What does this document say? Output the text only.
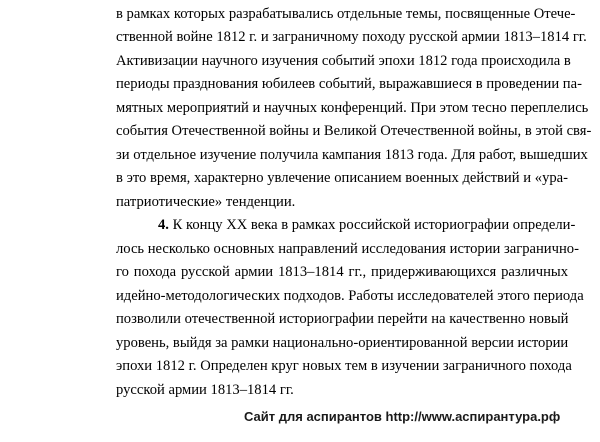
в рамках которых разрабатывались отдельные темы, посвященные Отече-
ственной войне 1812 г. и заграничному походу русской армии 1813–1814 гг.
Активизации научного изучения событий эпохи 1812 года происходила в
периоды празднования юбилеев событий, выражавшиеся в проведении па-
мятных мероприятий и научных конференций. При этом тесно переплелись
события Отечественной войны и Великой Отечественной войны, в этой свя-
зи отдельное изучение получила кампания 1813 года. Для работ, вышедших
в это время, характерно увлечение описанием военных действий и «ура-
патриотические» тенденции.
4. К концу XX века в рамках российской историографии определи-
лось несколько основных направлений исследования истории загранично-
го похода русской армии 1813–1814 гг., придерживающихся различных
идейно-методологических подходов. Работы исследователей этого периода
позволили отечественной историографии перейти на качественно новый
уровень, выйдя за рамки национально-ориентированной версии истории
эпохи 1812 г. Определен круг новых тем в изучении заграничного похода
русской армии 1813–1814 гг.
Сайт для аспирантов http://www.аспирантура.рф
